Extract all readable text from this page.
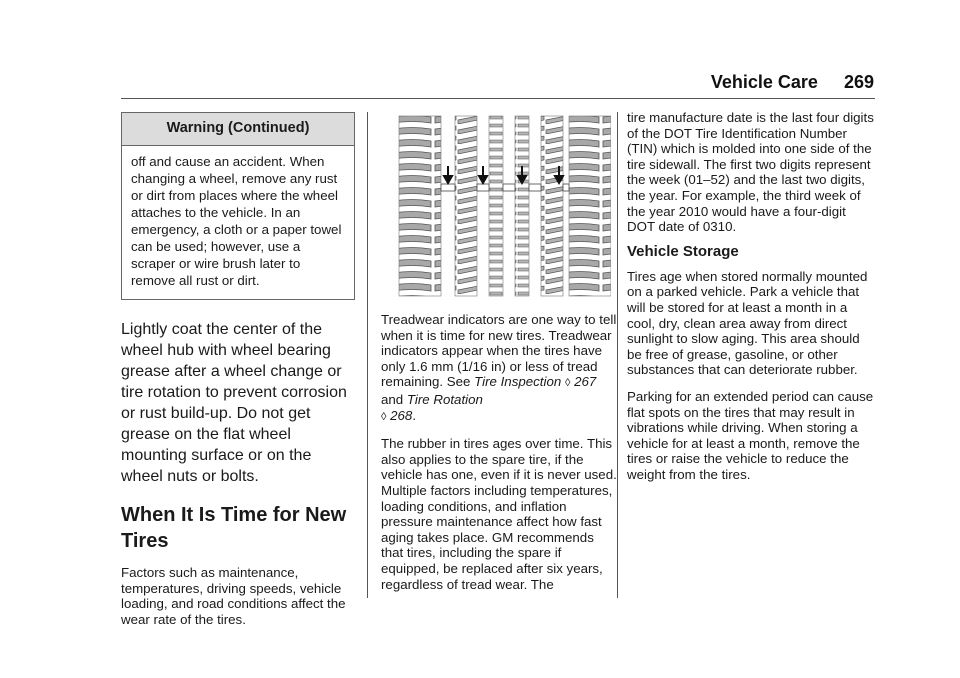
Vehicle Care 269
Warning (Continued)
off and cause an accident. When changing a wheel, remove any rust or dirt from places where the wheel attaches to the vehicle. In an emergency, a cloth or a paper towel can be used; however, use a scraper or wire brush later to remove all rust or dirt.
Lightly coat the center of the wheel hub with wheel bearing grease after a wheel change or tire rotation to prevent corrosion or rust build-up. Do not get grease on the flat wheel mounting surface or on the wheel nuts or bolts.
When It Is Time for New Tires
Factors such as maintenance, temperatures, driving speeds, vehicle loading, and road conditions affect the wear rate of the tires.
Treadwear indicators are one way to tell when it is time for new tires. Treadwear indicators appear when the tires have only 1.6 mm (1/16 in) or less of tread remaining. See Tire Inspection ◊ 267 and Tire Rotation
◊ 268.
The rubber in tires ages over time. This also applies to the spare tire, if the vehicle has one, even if it is never used. Multiple factors including temperatures, loading conditions, and inflation pressure maintenance affect how fast aging takes place. GM recommends that tires, including the spare if equipped, be replaced after six years, regardless of tread wear. The
tire manufacture date is the last four digits of the DOT Tire Identification Number (TIN) which is molded into one side of the tire sidewall. The first two digits represent the week (01–52) and the last two digits, the year. For example, the third week of the year 2010 would have a four-digit DOT date of 0310.
Vehicle Storage
Tires age when stored normally mounted on a parked vehicle. Park a vehicle that will be stored for at least a month in a cool, dry, clean area away from direct sunlight to slow aging. This area should be free of grease, gasoline, or other substances that can deteriorate rubber.
Parking for an extended period can cause flat spots on the tires that may result in vibrations while driving. When storing a vehicle for at least a month, remove the tires or raise the vehicle to reduce the weight from the tires.
